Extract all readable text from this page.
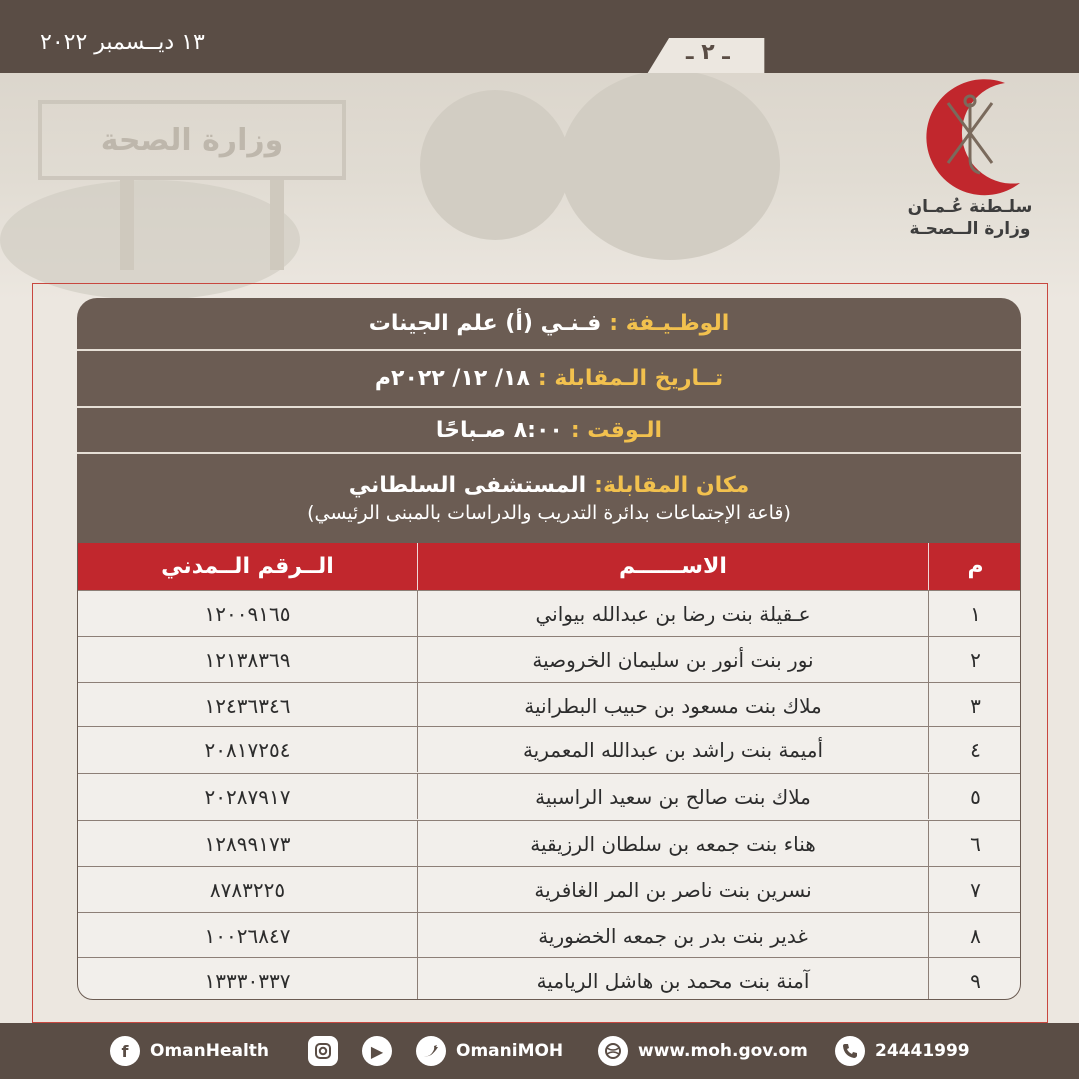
وزارة الصحة
١٣ ديــسمبر ٢٠٢٢	ـ ٢ ـ
سلـطنة عُـمـان
وزارة الــصحـة
الوظـيـفة :
فـنـي (أ) علم الجينات
تــاريخ الـمقابلة :
١٨/ ١٢/ ٢٠٢٢م
الـوقت :
٨:٠٠ صـباحًا
مكان المقابلة:
المستشفى السلطاني
(قاعة الإجتماعات بدائرة التدريب والدراسات بالمبنى الرئيسي)
م
الاســــــم
الــرقم الــمدني
١
عـقيلة بنت رضا بن عبدالله بيواني
١٢٠٠٩١٦٥
٢
نور بنت أنور بن سليمان الخروصية
١٢١٣٨٣٦٩
٣
ملاك بنت مسعود بن حبيب البطرانية
١٢٤٣٦٣٤٦
٤
أميمة بنت راشد بن عبدالله المعمرية
٢٠٨١٧٢٥٤
٥
ملاك بنت صالح بن سعيد الراسبية
٢٠٢٨٧٩١٧
٦
هناء بنت جمعه بن سلطان الرزيقية
١٢٨٩٩١٧٣
٧
نسرين بنت ناصر بن المر الغافرية
٨٧٨٣٢٢٥
٨
غدير بنت بدر بن جمعه الخضورية
١٠٠٢٦٨٤٧
٩
آمنة بنت محمد بن هاشل الريامية
١٣٣٣٠٣٣٧
f	OmanHealth	▶	OmaniMOH	www.moh.gov.om	24441999
